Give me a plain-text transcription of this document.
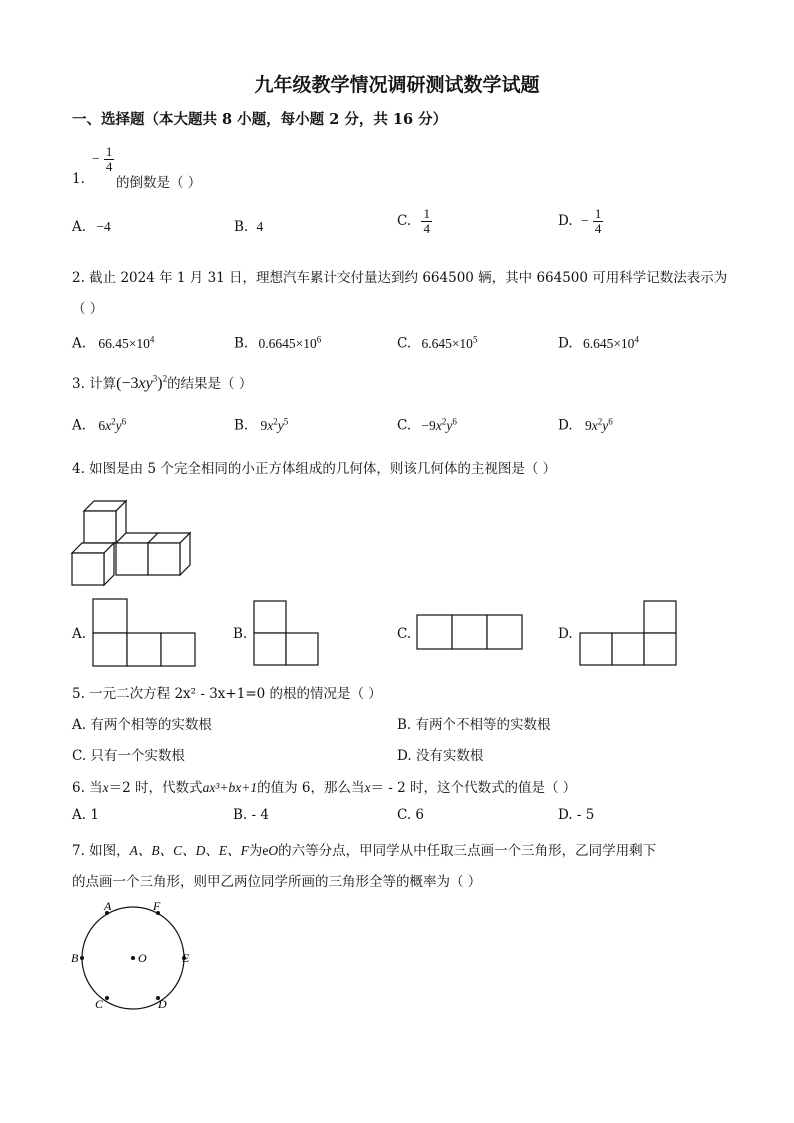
九年级教学情况调研测试数学试题
一、选择题（本大题共 8 小题，每小题 2 分，共 16 分）
− $\frac{1}{4}$
1. 的倒数是（ ）
A. −4	B. 4	C. $\frac{1}{4}$	D. − $\frac{1}{4}$
2. 截止 2024 年 1 月 31 日，理想汽车累计交付量达到约 664500 辆，其中 664500 可用科学记数法表示为
（ ）
A. $66.45\times 10^4$	B. $0.6645\times 10^6$	C. $6.645\times 10^5$	D. $6.645\times 10^4$
3. 计算$(-3xy^3)^2$的结果是（ ）
A. $6x^2y^6$	B. $9x^2y^5$	C. $-9x^2y^6$	D. $9x^2y^6$
4. 如图是由 5 个完全相同的小正方体组成的几何体，则该几何体的主视图是（ ）
A.	B.	C.	D.
5. 一元二次方程 2x² - 3x+1=0 的根的情况是（ ）
A. 有两个相等的实数根	B. 有两个不相等的实数根
C. 只有一个实数根	D. 没有实数根
6. 当x＝2 时，代数式ax³+bx+1的值为 6，那么当x＝ - 2 时，这个代数式的值是（ ）
A. 1	B. - 4	C. 6	D. - 5
7. 如图，A、B、C、D、E、F为eO的六等分点，甲同学从中任取三点画一个三角形，乙同学用剩下
的点画一个三角形，则甲乙两位同学所画的三角形全等的概率为（ ）
A	F
B	E
C	D
O
